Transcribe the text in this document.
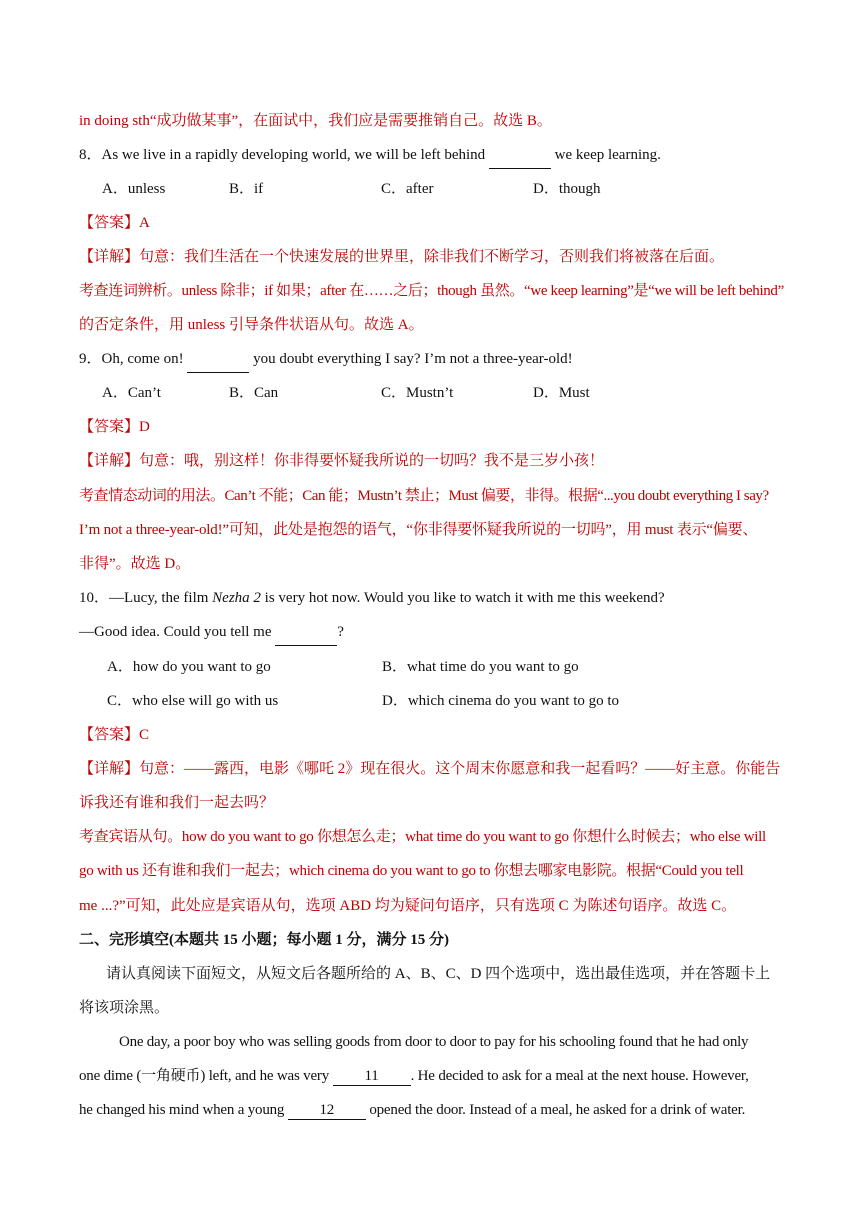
in doing sth“成功做某事”，在面试中，我们应是需要推销自己。故选 B。
8．As we live in a rapidly developing world, we will be left behind	we keep learning.
A．unless	B．if	C．after	D．though
【答案】A
【详解】句意：我们生活在一个快速发展的世界里，除非我们不断学习，否则我们将被落在后面。
考查连词辨析。unless 除非；if 如果；after 在……之后；though 虽然。“we keep learning”是“we will be left behind”
的否定条件，用 unless 引导条件状语从句。故选 A。
9．Oh, come on!	you doubt everything I say? I’m not a three-year-old!
A．Can’t	B．Can	C．Mustn’t	D．Must
【答案】D
【详解】句意：哦，别这样！你非得要怀疑我所说的一切吗？我不是三岁小孩！
考查情态动词的用法。Can’t 不能；Can 能；Mustn’t 禁止；Must 偏要，非得。根据“...you doubt everything I say?
I’m not a three-year-old!”可知，此处是抱怨的语气，“你非得要怀疑我所说的一切吗”，用 must 表示“偏要、
非得”。故选 D。
10．—Lucy, the film Nezha 2 is very hot now. Would you like to watch it with me this weekend?
—Good idea. Could you tell me	?
A．how do you want to go	B．what time do you want to go
C．who else will go with us	D．which cinema do you want to go to
【答案】C
【详解】句意：——露西，电影《哪吒 2》现在很火。这个周末你愿意和我一起看吗？——好主意。你能告
诉我还有谁和我们一起去吗？
考查宾语从句。how do you want to go 你想怎么走；what time do you want to go 你想什么时候去；who else will
go with us 还有谁和我们一起去；which cinema do you want to go to 你想去哪家电影院。根据“Could you tell
me ...?”可知，此处应是宾语从句，选项 ABD 均为疑问句语序，只有选项 C 为陈述句语序。故选 C。
二、完形填空(本题共 15 小题；每小题 1 分，满分 15 分)
请认真阅读下面短文，从短文后各题所给的 A、B、C、D 四个选项中，选出最佳选项，并在答题卡上
将该项涂黑。
One day, a poor boy who was selling goods from door to door to pay for his schooling found that he had only
one dime (一角硬币) left, and he was very 11 . He decided to ask for a meal at the next house. However,
he changed his mind when a young 12 opened the door. Instead of a meal, he asked for a drink of water.
